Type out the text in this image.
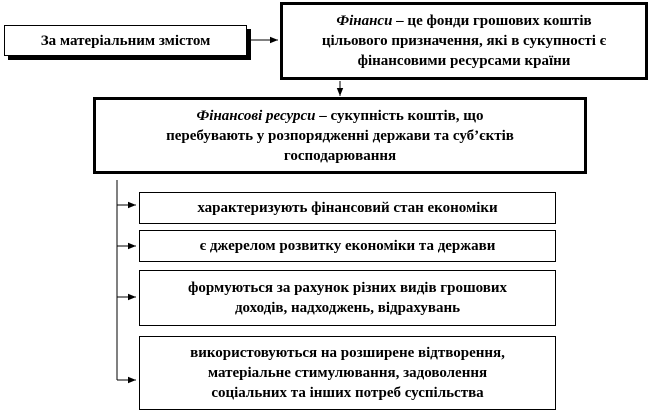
За матеріальним змістом
Фінанси – це фонди грошових коштів
цільового призначення, які в сукупності є
фінансовими ресурсами країни
Фінансові ресурси – сукупність коштів, що
перебувають у розпорядженні держави та суб’єктів
господарювання
характеризують фінансовий стан економіки
є джерелом розвитку економіки та держави
формуються за рахунок різних видів грошових
доходів, надходжень, відрахувань
використовуються на розширене відтворення,
матеріальне стимулювання, задоволення
соціальних та інших потреб суспільства
